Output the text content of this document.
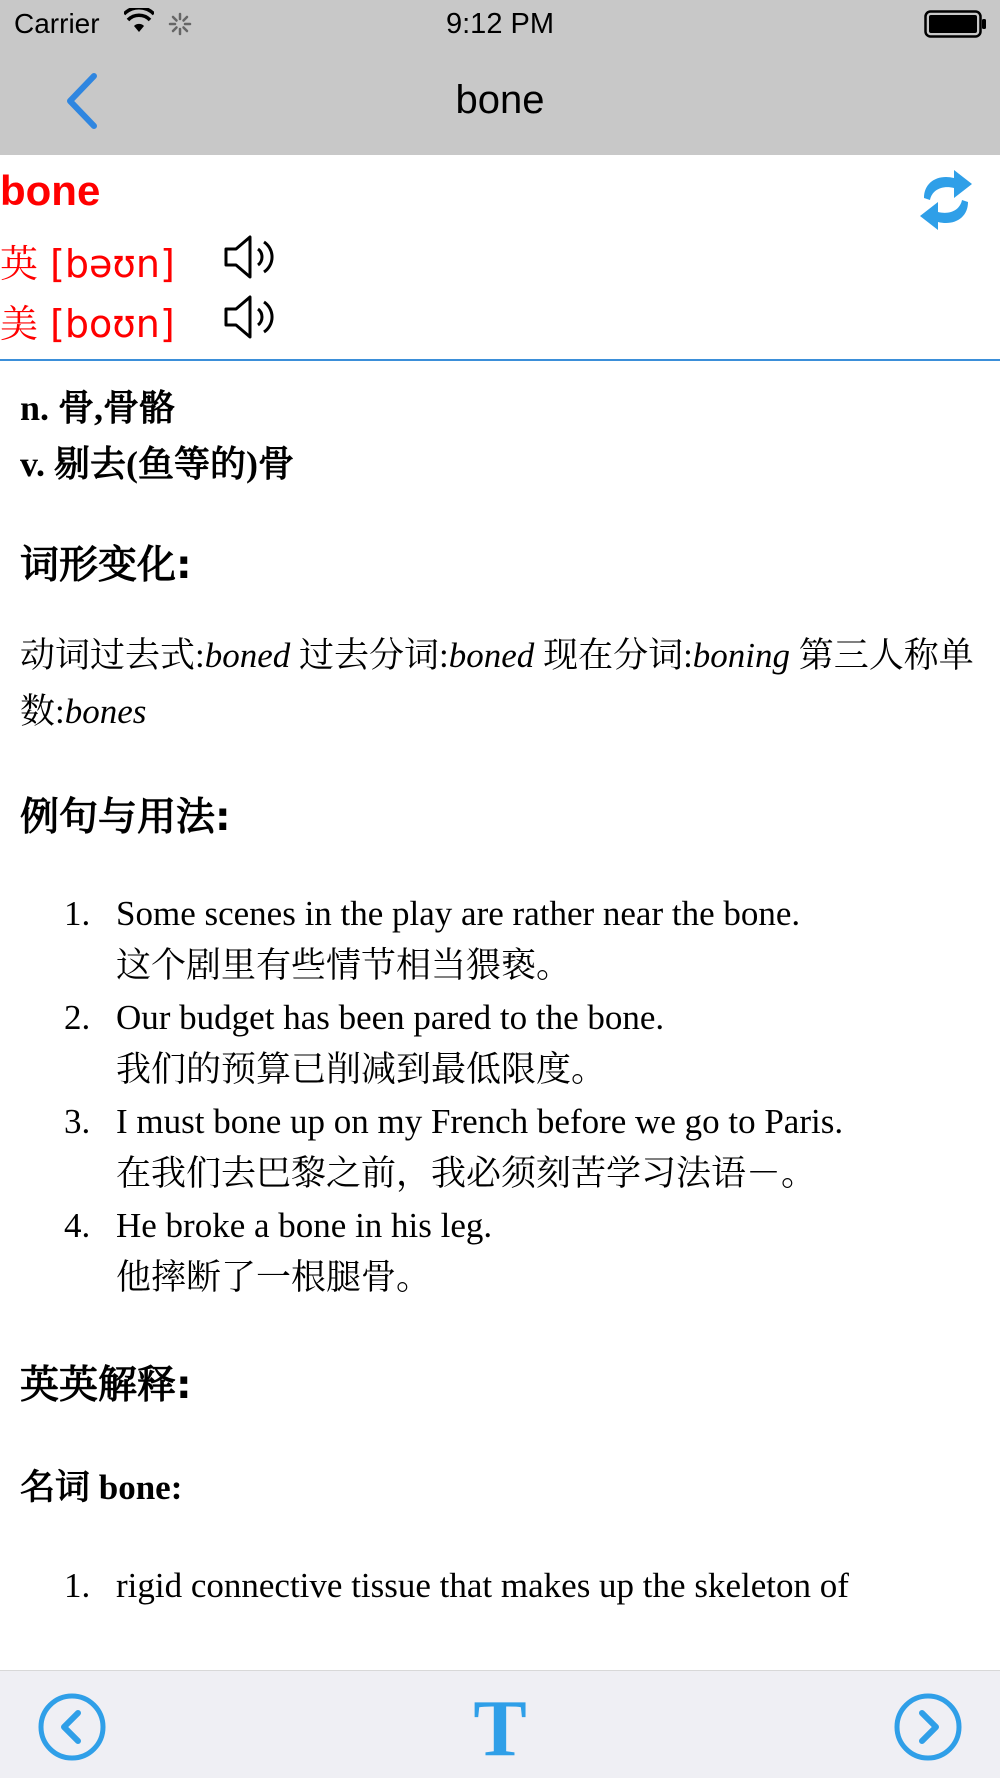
Carrier	9:12 PM
bone
bone
英 [bəʊn]
美 [boʊn]
n. 骨,骨骼
v. 剔去(鱼等的)骨
词形变化:
动词过去式:boned 过去分词:boned 现在分词:boning 第三人称单数:bones
例句与用法:
1. Some scenes in the play are rather near the bone.
这个剧里有些情节相当猥亵。
2. Our budget has been pared to the bone.
我们的预算已削减到最低限度。
3. I must bone up on my French before we go to Paris.
在我们去巴黎之前，我必须刻苦学习法语－。
4. He broke a bone in his leg.
他摔断了一根腿骨。
英英解释:
名词 bone:
1. rigid connective tissue that makes up the skeleton of
T
